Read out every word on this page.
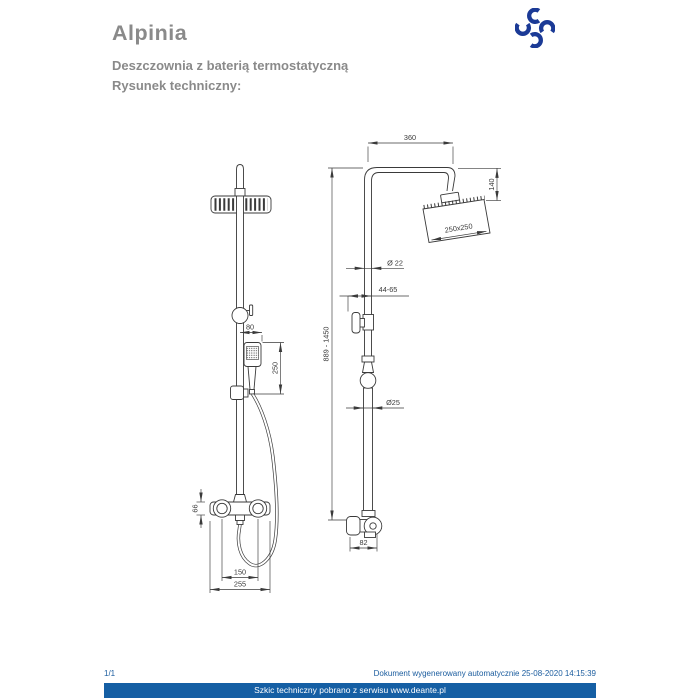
80
250
66
150
255
250x250
360
140
889 - 1450
Ø 22
44-65
Ø25
82
Alpinia
Deszczownia z baterią termostatyczną
Rysunek techniczny:
1/1	Dokument wygenerowany automatycznie 25-08-2020 14:15:39
Szkic techniczny pobrano z serwisu www.deante.pl
